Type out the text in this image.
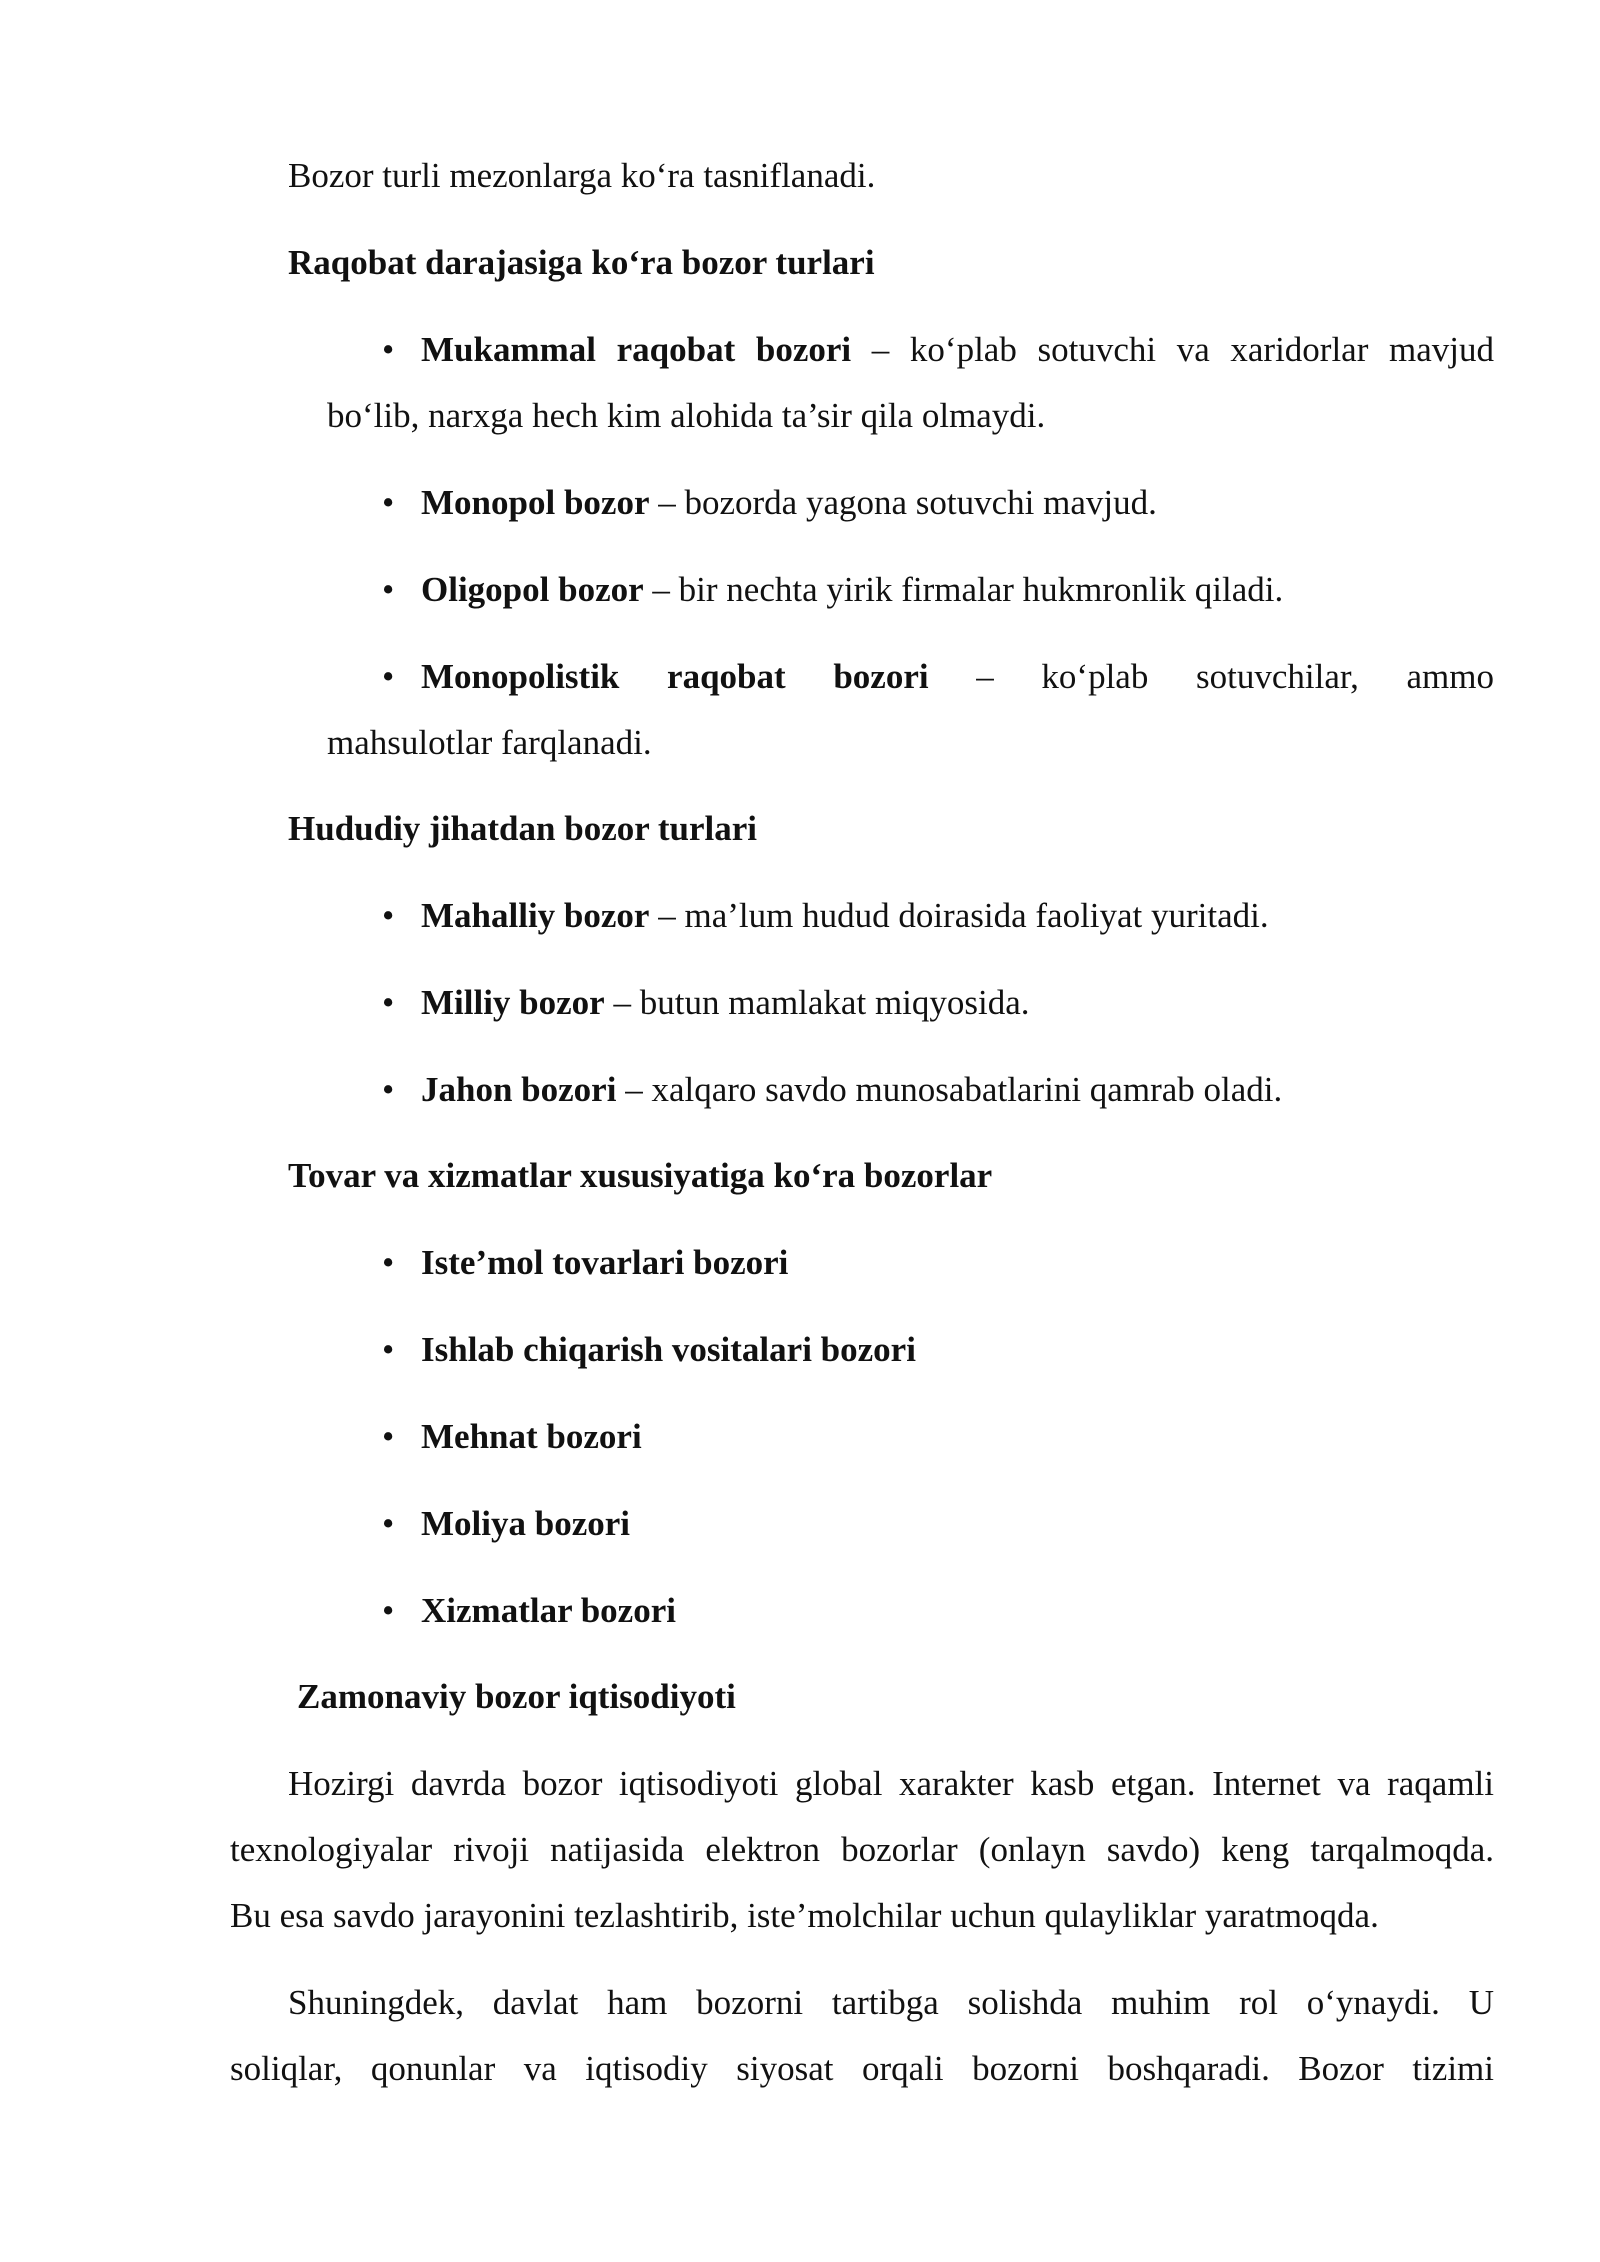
Bozor turli mezonlarga ko‘ra tasniflanadi.
Raqobat darajasiga ko‘ra bozor turlari
• Mukammal raqobat bozori – ko‘plab sotuvchi va xaridorlar mavjud
bo‘lib, narxga hech kim alohida ta’sir qila olmaydi.
• Monopol bozor – bozorda yagona sotuvchi mavjud.
• Oligopol bozor – bir nechta yirik firmalar hukmronlik qiladi.
• Monopolistik raqobat bozori – ko‘plab sotuvchilar, ammo
mahsulotlar farqlanadi.
Hududiy jihatdan bozor turlari
• Mahalliy bozor – ma’lum hudud doirasida faoliyat yuritadi.
• Milliy bozor – butun mamlakat miqyosida.
• Jahon bozori – xalqaro savdo munosabatlarini qamrab oladi.
Tovar va xizmatlar xususiyatiga ko‘ra bozorlar
• Iste’mol tovarlari bozori
• Ishlab chiqarish vositalari bozori
• Mehnat bozori
• Moliya bozori
• Xizmatlar bozori
Zamonaviy bozor iqtisodiyoti
Hozirgi davrda bozor iqtisodiyoti global xarakter kasb etgan. Internet va raqamli
texnologiyalar rivoji natijasida elektron bozorlar (onlayn savdo) keng tarqalmoqda.
Bu esa savdo jarayonini tezlashtirib, iste’molchilar uchun qulayliklar yaratmoqda.
Shuningdek, davlat ham bozorni tartibga solishda muhim rol o‘ynaydi. U
soliqlar, qonunlar va iqtisodiy siyosat orqali bozorni boshqaradi. Bozor tizimi
